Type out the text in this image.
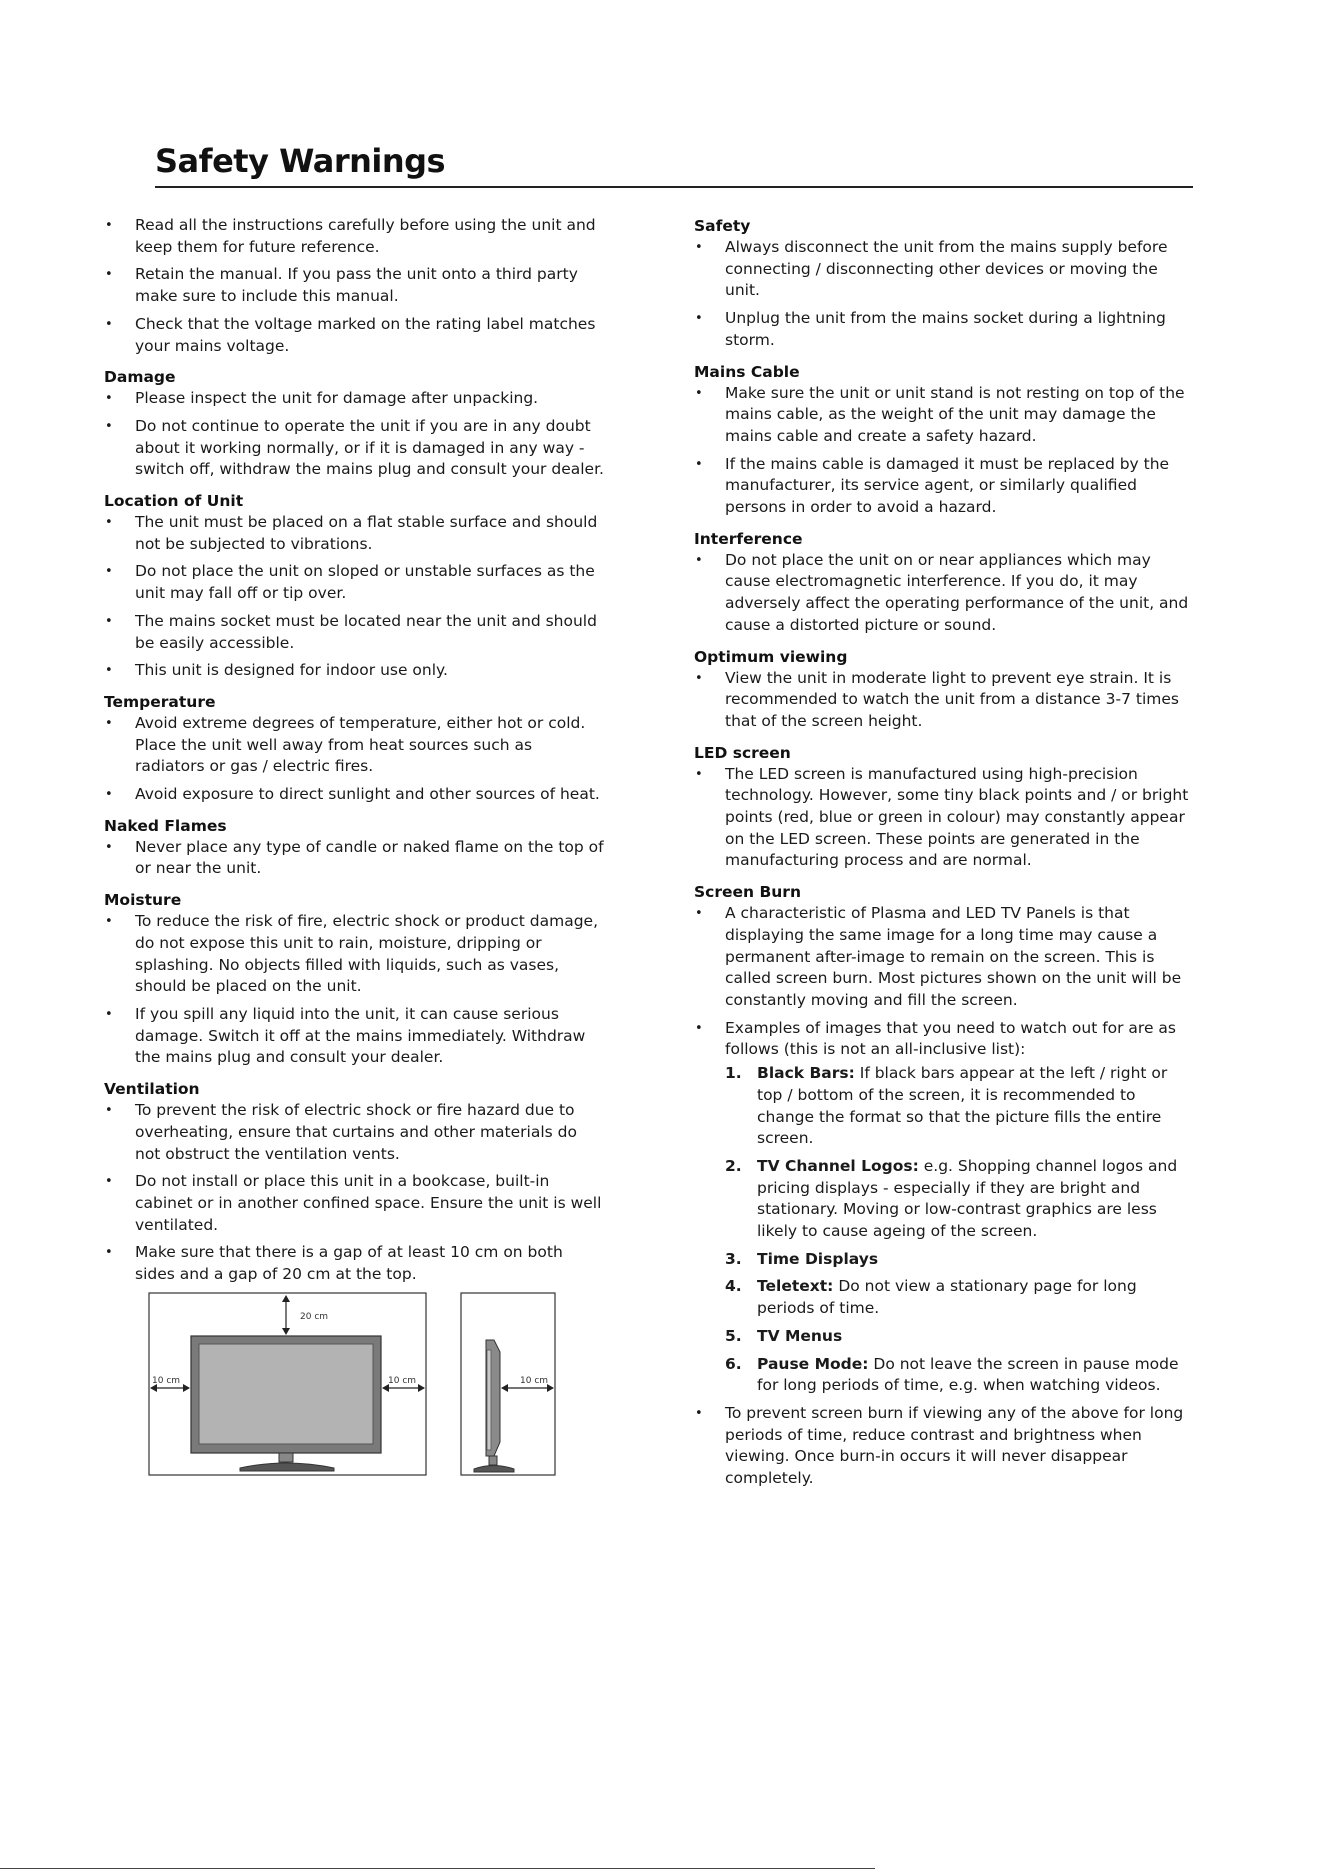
Safety Warnings
• Read all the instructions carefully before using the unit and keep them for future reference.
• Retain the manual. If you pass the unit onto a third party make sure to include this manual.
• Check that the voltage marked on the rating label matches your mains voltage.
Damage
• Please inspect the unit for damage after unpacking.
• Do not continue to operate the unit if you are in any doubt about it working normally, or if it is damaged in any way - switch off, withdraw the mains plug and consult your dealer.
Location of Unit
• The unit must be placed on a flat stable surface and should not be subjected to vibrations.
• Do not place the unit on sloped or unstable surfaces as the unit may fall off or tip over.
• The mains socket must be located near the unit and should be easily accessible.
• This unit is designed for indoor use only.
Temperature
• Avoid extreme degrees of temperature, either hot or cold. Place the unit well away from heat sources such as radiators or gas / electric fires.
• Avoid exposure to direct sunlight and other sources of heat.
Naked Flames
• Never place any type of candle or naked flame on the top of or near the unit.
Moisture
• To reduce the risk of fire, electric shock or product damage, do not expose this unit to rain, moisture, dripping or splashing. No objects filled with liquids, such as vases, should be placed on the unit.
• If you spill any liquid into the unit, it can cause serious damage. Switch it off at the mains immediately. Withdraw the mains plug and consult your dealer.
Ventilation
• To prevent the risk of electric shock or fire hazard due to overheating, ensure that curtains and other materials do not obstruct the ventilation vents.
• Do not install or place this unit in a bookcase, built-in cabinet or in another confined space. Ensure the unit is well ventilated.
• Make sure that there is a gap of at least 10 cm on both sides and a gap of 20 cm at the top.
20 cm
10 cm	10 cm	10 cm
Safety
• Always disconnect the unit from the mains supply before connecting / disconnecting other devices or moving the unit.
• Unplug the unit from the mains socket during a lightning storm.
Mains Cable
• Make sure the unit or unit stand is not resting on top of the mains cable, as the weight of the unit may damage the mains cable and create a safety hazard.
• If the mains cable is damaged it must be replaced by the manufacturer, its service agent, or similarly qualified persons in order to avoid a hazard.
Interference
• Do not place the unit on or near appliances which may cause electromagnetic interference. If you do, it may adversely affect the operating performance of the unit, and cause a distorted picture or sound.
Optimum viewing
• View the unit in moderate light to prevent eye strain. It is recommended to watch the unit from a distance 3-7 times that of the screen height.
LED screen
• The LED screen is manufactured using high-precision technology. However, some tiny black points and / or bright points (red, blue or green in colour) may constantly appear on the LED screen. These points are generated in the manufacturing process and are normal.
Screen Burn
• A characteristic of Plasma and LED TV Panels is that displaying the same image for a long time may cause a permanent after-image to remain on the screen. This is called screen burn. Most pictures shown on the unit will be constantly moving and fill the screen.
• Examples of images that you need to watch out for are as follows (this is not an all-inclusive list):
1. Black Bars: If black bars appear at the left / right or top / bottom of the screen, it is recommended to change the format so that the picture fills the entire screen.
2. TV Channel Logos: e.g. Shopping channel logos and pricing displays - especially if they are bright and stationary. Moving or low-contrast graphics are less likely to cause ageing of the screen.
3. Time Displays
4. Teletext: Do not view a stationary page for long periods of time.
5. TV Menus
6. Pause Mode: Do not leave the screen in pause mode for long periods of time, e.g. when watching videos.
• To prevent screen burn if viewing any of the above for long periods of time, reduce contrast and brightness when viewing. Once burn-in occurs it will never disappear completely.
